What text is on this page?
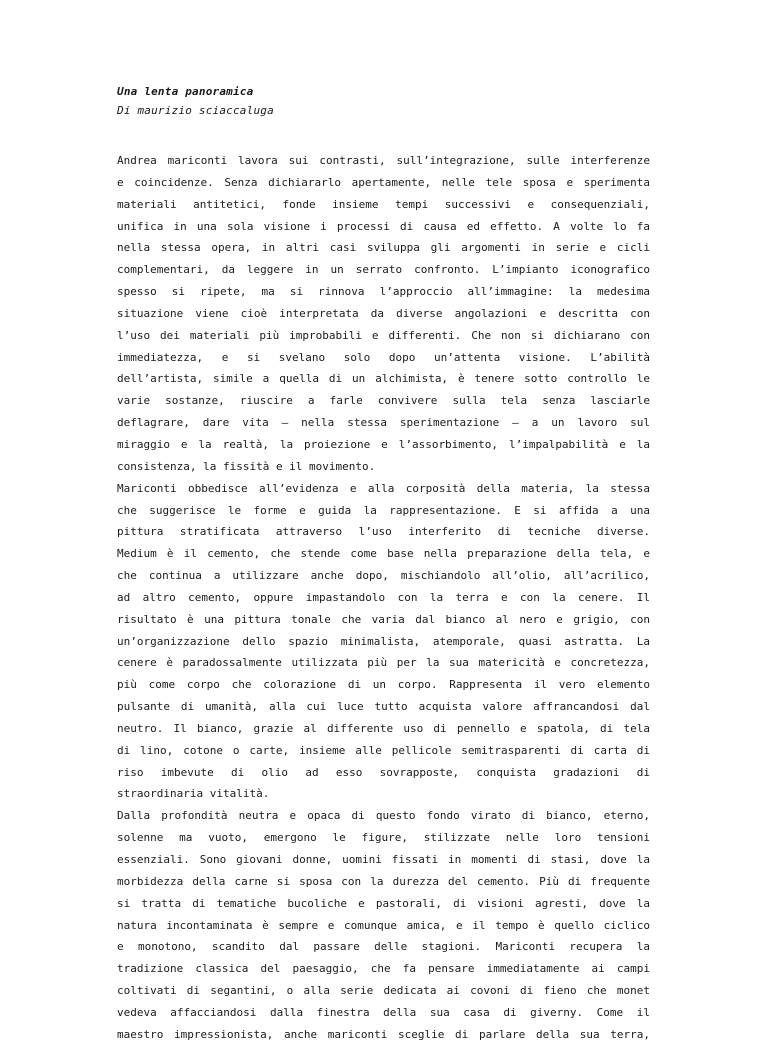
Una lenta panoramica
Di maurizio sciaccaluga
Andrea mariconti lavora sui contrasti, sull’integrazione, sulle interferenze
e coincidenze. Senza dichiararlo apertamente, nelle tele sposa e sperimenta
materiali antitetici, fonde insieme tempi successivi e consequenziali,
unifica in una sola visione i processi di causa ed effetto. A volte lo fa
nella stessa opera, in altri casi sviluppa gli argomenti in serie e cicli
complementari, da leggere in un serrato confronto. L’impianto iconografico
spesso si ripete, ma si rinnova l’approccio all’immagine: la medesima
situazione viene cioè interpretata da diverse angolazioni e descritta con
l’uso dei materiali più improbabili e differenti. Che non si dichiarano con
immediatezza, e si svelano solo dopo un’attenta visione. L’abilità
dell’artista, simile a quella di un alchimista, è tenere sotto controllo le
varie sostanze, riuscire a farle convivere sulla tela senza lasciarle
deflagrare, dare vita – nella stessa sperimentazione – a un lavoro sul
miraggio e la realtà, la proiezione e l’assorbimento, l’impalpabilità e la
consistenza, la fissità e il movimento.
Mariconti obbedisce all’evidenza e alla corposità della materia, la stessa
che suggerisce le forme e guida la rappresentazione. E si affida a una
pittura stratificata attraverso l’uso interferito di tecniche diverse.
Medium è il cemento, che stende come base nella preparazione della tela, e
che continua a utilizzare anche dopo, mischiandolo all’olio, all’acrilico,
ad altro cemento, oppure impastandolo con la terra e con la cenere. Il
risultato è una pittura tonale che varia dal bianco al nero e grigio, con
un’organizzazione dello spazio minimalista, atemporale, quasi astratta. La
cenere è paradossalmente utilizzata più per la sua matericità e concretezza,
più come corpo che colorazione di un corpo. Rappresenta il vero elemento
pulsante di umanità, alla cui luce tutto acquista valore affrancandosi dal
neutro. Il bianco, grazie al differente uso di pennello e spatola, di tela
di lino, cotone o carte, insieme alle pellicole semitrasparenti di carta di
riso imbevute di olio ad esso sovrapposte, conquista gradazioni di
straordinaria vitalità.
Dalla profondità neutra e opaca di questo fondo virato di bianco, eterno,
solenne ma vuoto, emergono le figure, stilizzate nelle loro tensioni
essenziali. Sono giovani donne, uomini fissati in momenti di stasi, dove la
morbidezza della carne si sposa con la durezza del cemento. Più di frequente
si tratta di tematiche bucoliche e pastorali, di visioni agresti, dove la
natura incontaminata è sempre e comunque amica, e il tempo è quello ciclico
e monotono, scandito dal passare delle stagioni. Mariconti recupera la
tradizione classica del paesaggio, che fa pensare immediatamente ai campi
coltivati di segantini, o alla serie dedicata ai covoni di fieno che monet
vedeva affacciandosi dalla finestra della sua casa di giverny. Come il
maestro impressionista, anche mariconti sceglie di parlare della sua terra,
